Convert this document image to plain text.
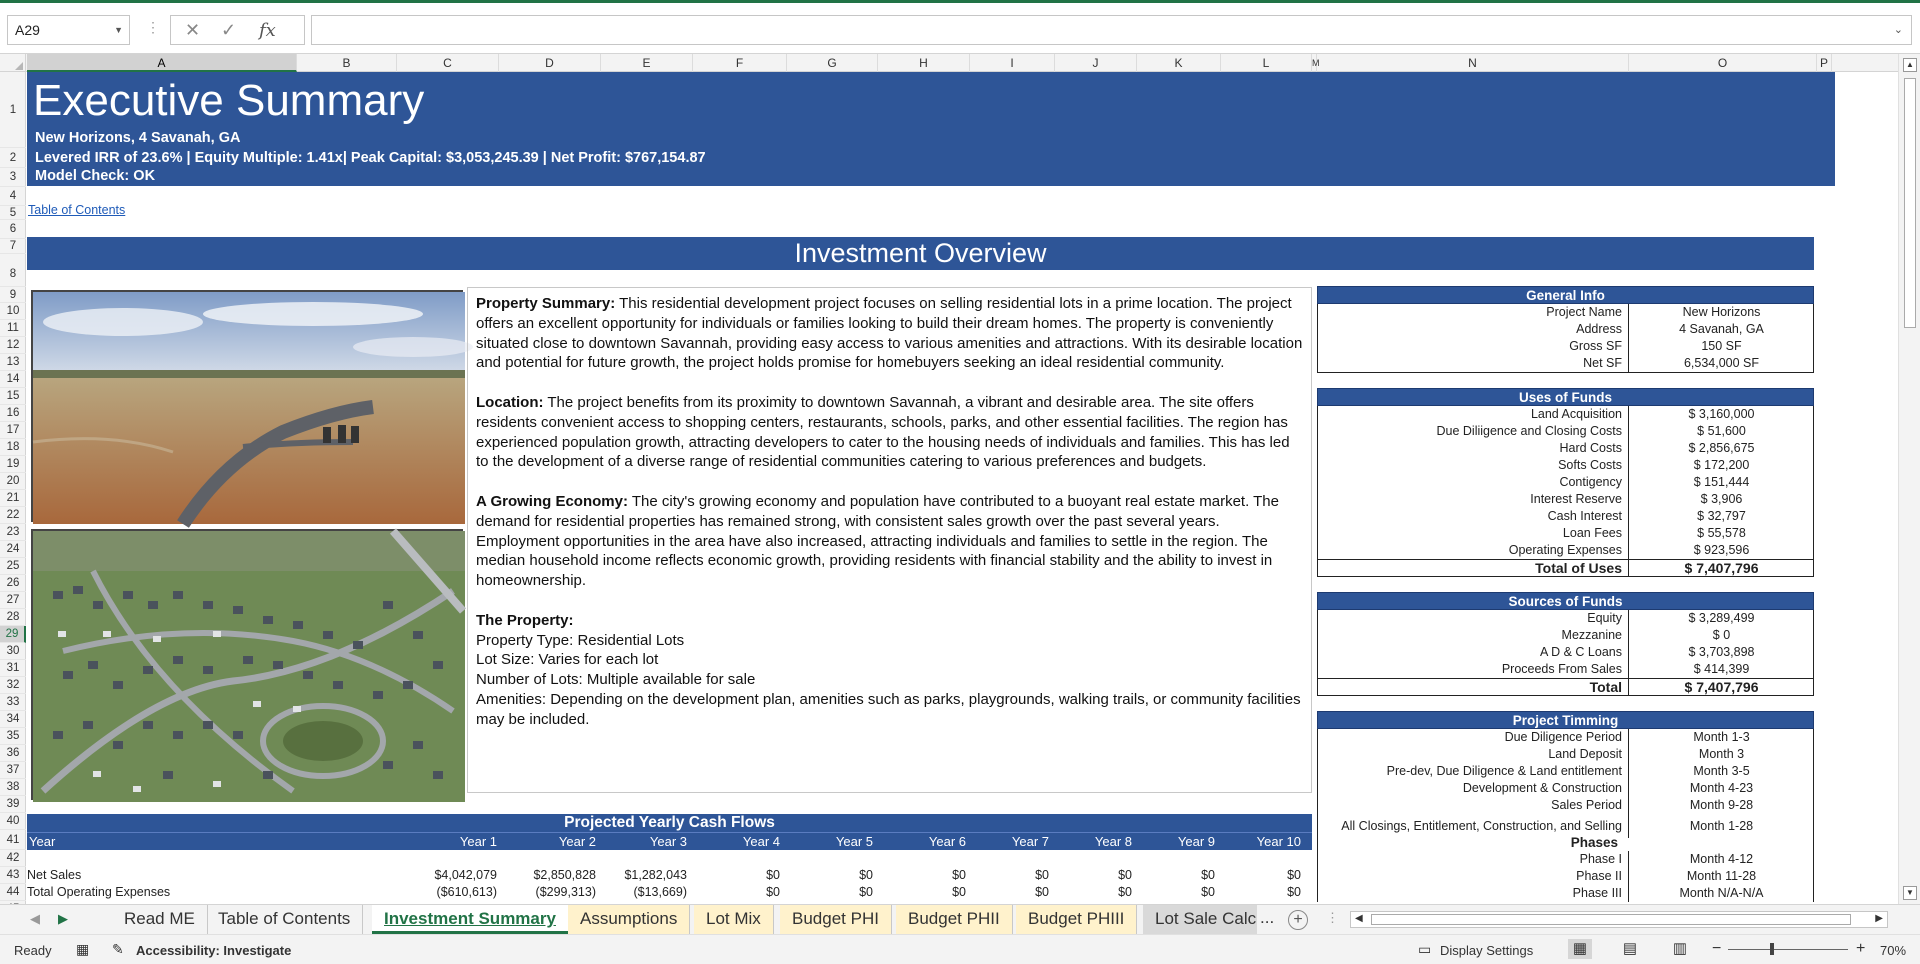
A29	▼ ⋮ ✕ ✓ fx	⌄
A	B	C	D	E	F	G	H	I	J	K	L	M	N	O	P
1
2
3
4
5
6
7
8
9
10
11
12
13
14
15
16
17
18
19
20
21
22
23
24
25
26
27
28
29
30
31
32
33
34
35
36
37
38
39
40
41
42
43
44
Executive Summary
New Horizons, 4 Savanah, GA
Levered IRR of 23.6% | Equity Multiple: 1.41x| Peak Capital: $3,053,245.39 | Net Profit: $767,154.87
Model Check: OK
Table of Contents
Investment Overview

Property Summary: This residential development project focuses on selling residential lots in a prime location. The project offers an excellent opportunity for individuals or families looking to build their dream homes. The property is conveniently situated close to downtown Savannah, providing easy access to various amenities and attractions. With its desirable location and potential for future growth, the project holds promise for homebuyers seeking an ideal residential community.

Location: The project benefits from its proximity to downtown Savannah, a vibrant and desirable area. The site offers residents convenient access to shopping centers, restaurants, schools, parks, and other essential facilities. The region has experienced population growth, attracting developers to cater to the housing needs of individuals and families. This has led to the development of a diverse range of residential communities catering to various preferences and budgets.

A Growing Economy: The city's growing economy and population have contributed to a buoyant real estate market. The demand for residential properties has remained strong, with consistent sales growth over the past several years. Employment opportunities in the area have also increased, attracting individuals and families to settle in the region. The median household income reflects economic growth, providing residents with financial stability and the ability to invest in homeownership.

The Property:
Property Type: Residential Lots
Lot Size: Varies for each lot
Number of Lots: Multiple available for sale
Amenities: Depending on the development plan, amenities such as parks, playgrounds, walking trails, or community facilities may be included.
General Info
Project Name	New Horizons
Address	4 Savanah, GA
Gross SF	150 SF
Net SF	6,534,000 SF
Uses of Funds
Land Acquisition	$ 3,160,000
Due Diliigence and Closing Costs	$ 51,600
Hard Costs	$ 2,856,675
Softs Costs	$ 172,200
Contigency	$ 151,444
Interest Reserve	$ 3,906
Cash Interest	$ 32,797
Loan Fees	$ 55,578
Operating Expenses	$ 923,596
Total of Uses	$ 7,407,796
Sources of Funds
Equity	$ 3,289,499
Mezzanine	$ 0
A D & C Loans	$ 3,703,898
Proceeds From Sales	$ 414,399
Total	$ 7,407,796
Project Timming
Due Diligence Period	Month 1-3
Land Deposit	Month 3
Pre-dev, Due Diligence & Land entitlement	Month 3-5
Development & Construction	Month 4-23
Sales Period	Month 9-28
All Closings, Entitlement, Construction, and Selling	Month 1-28
Phases
Phase I	Month 4-12
Phase II	Month 11-28
Phase III	Month N/A-N/A
Projected Yearly Cash Flows
Year	Year 1	Year 2	Year 3	Year 4	Year 5	Year 6	Year 7	Year 8	Year 9	Year 10
Net Sales	$4,042,079	$2,850,828	$1,282,043	$0	$0	$0	$0	$0	$0	$0
Total Operating Expenses	($610,613)	($299,313)	($13,669)	$0	$0	$0	$0	$0	$0	$0
▲
▼
◀ ▶	Read ME	Table of Contents	Investment Summary	Assumptions	Lot Mix	Budget PHI	Budget PHII	Budget PHIII	Lot Sale Calc ...	+	⋮ ◀	▶
Ready ▦ ✎ Accessibility: Investigate	▭ Display Settings	▦	▤	▥	−	+ 70%
